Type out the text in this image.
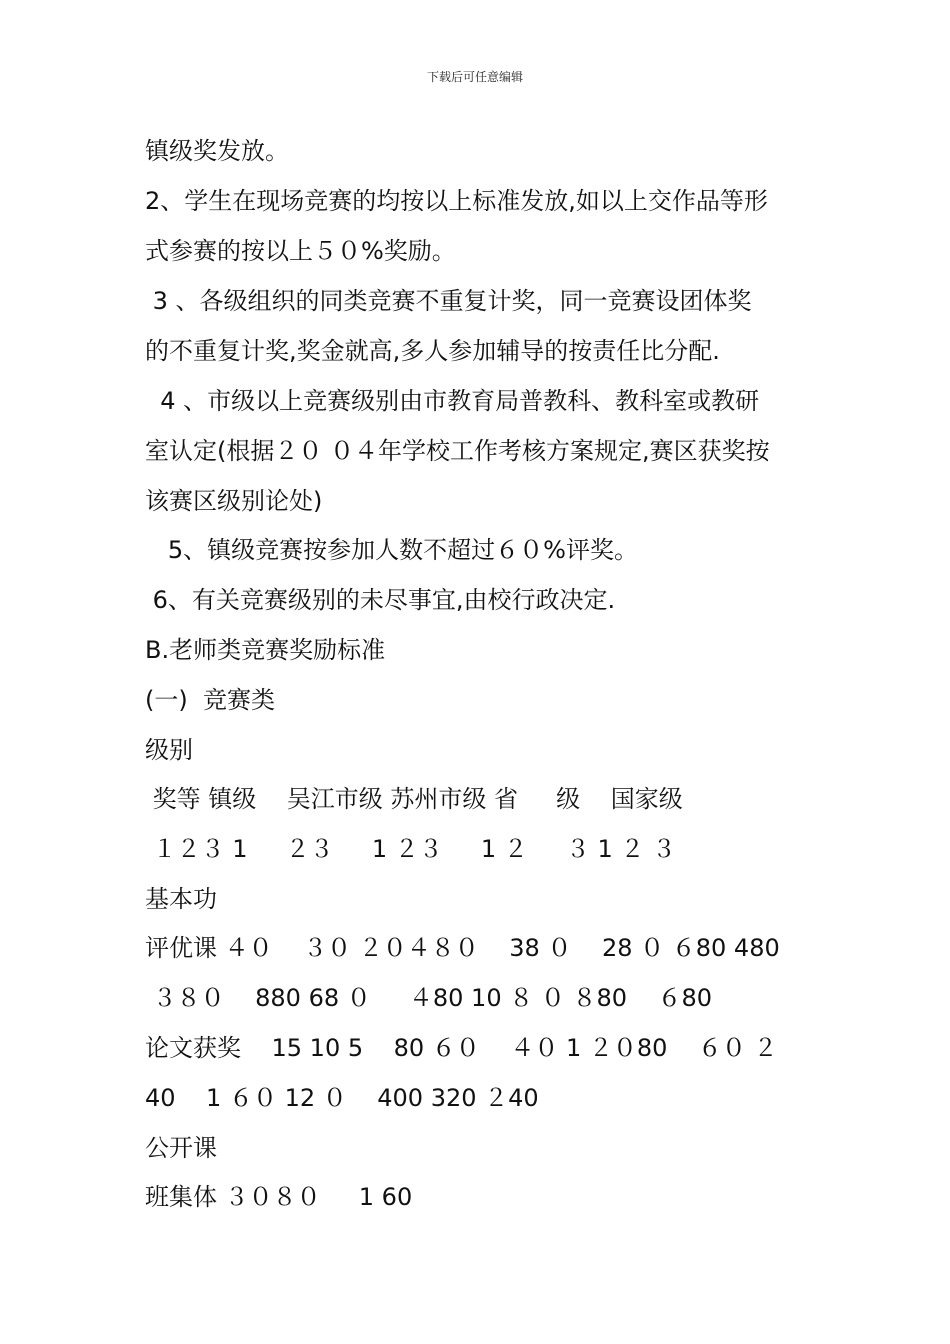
下载后可任意编辑
镇级奖发放。
2、学生在现场竞赛的均按以上标准发放,如以上交作品等形
式参赛的按以上５０%奖励。
3 、各级组织的同类竞赛不重复计奖，同一竞赛设团体奖
的不重复计奖,奖金就高,多人参加辅导的按责任比分配.
4 、市级以上竞赛级别由市教育局普教科、教科室或教研
室认定(根据２０ ０４年学校工作考核方案规定,赛区获奖按
该赛区级别论处)
5、镇级竞赛按参加人数不超过６０%评奖。
6、有关竞赛级别的未尽事宜,由校行政决定.
B.老师类竞赛奖励标准
(一)  竞赛类
级别
奖等 镇级    吴江市级 苏州市级 省     级    国家级
１２３ 1     ２３     1 ２３     1 ２     ３ 1 ２ ３
基本功
评优课 ４０    ３０ ２０４８０    38 ０    28 ０ ６80 480
３８０    880 68 ０     ４80 10 ８ ０ ８80    ６80
论文获奖    15 10 5    80 ６０    ４０ 1 ２０80    ６０ ２
40    1 ６０ 12 ０    400 320 ２40
公开课
班集体 ３０８０     1 60
